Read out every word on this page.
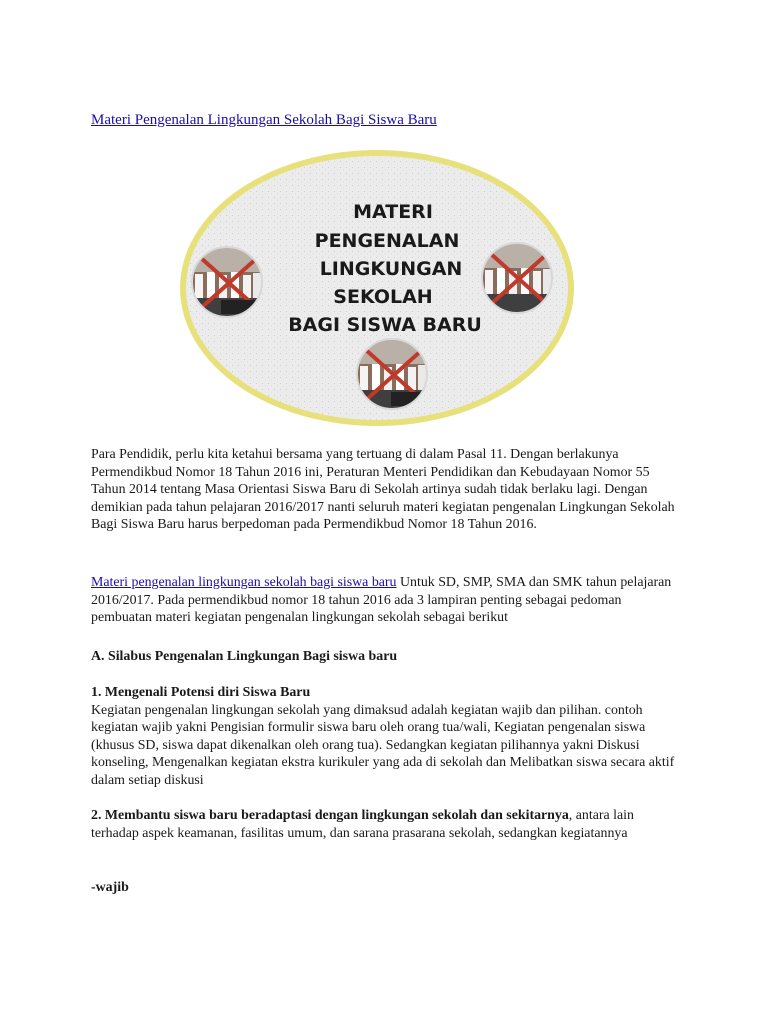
Materi Pengenalan Lingkungan Sekolah Bagi Siswa Baru
MATERI
PENGENALAN
LINGKUNGAN
SEKOLAH
BAGI SISWA BARU

Para Pendidik, perlu kita ketahui bersama yang tertuang di dalam Pasal 11. Dengan berlakunya Permendikbud Nomor 18 Tahun 2016 ini, Peraturan Menteri Pendidikan dan Kebudayaan Nomor 55 Tahun 2014 tentang Masa Orientasi Siswa Baru di Sekolah artinya sudah tidak berlaku lagi. Dengan demikian pada tahun pelajaran 2016/2017 nanti seluruh materi kegiatan pengenalan Lingkungan Sekolah Bagi Siswa Baru harus berpedoman pada Permendikbud Nomor 18 Tahun 2016.

Materi pengenalan lingkungan sekolah bagi siswa baru Untuk SD, SMP, SMA dan SMK tahun pelajaran 2016/2017. Pada permendikbud nomor 18 tahun 2016 ada 3 lampiran penting sebagai pedoman pembuatan materi kegiatan pengenalan lingkungan sekolah sebagai berikut

A. Silabus Pengenalan Lingkungan Bagi siswa baru

1. Mengenali Potensi diri Siswa Baru
Kegiatan pengenalan lingkungan sekolah yang dimaksud adalah kegiatan wajib dan pilihan. contoh kegiatan wajib yakni Pengisian formulir siswa baru oleh orang tua/wali, Kegiatan pengenalan siswa (khusus SD, siswa dapat dikenalkan oleh orang tua). Sedangkan kegiatan pilihannya yakni Diskusi konseling, Mengenalkan kegiatan ekstra kurikuler yang ada di sekolah dan Melibatkan siswa secara aktif dalam setiap diskusi

2. Membantu siswa baru beradaptasi dengan lingkungan sekolah dan sekitarnya, antara lain terhadap aspek keamanan, fasilitas umum, dan sarana prasarana sekolah, sedangkan kegiatannya

-wajib
